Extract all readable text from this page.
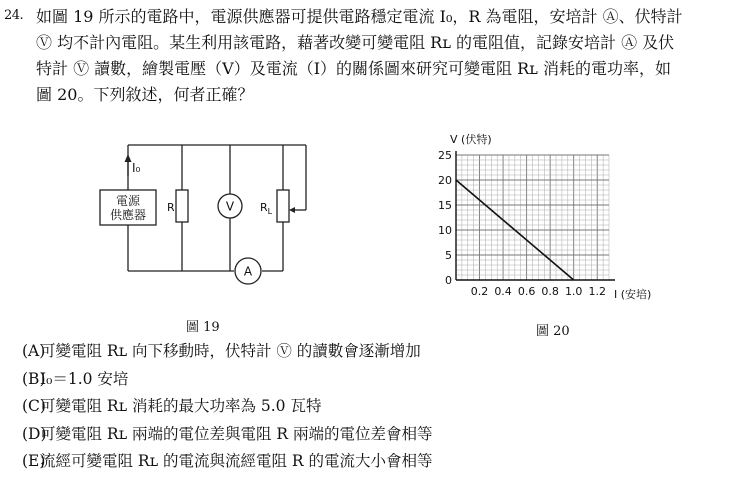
24. 如圖 19 所示的電路中，電源供應器可提供電路穩定電流 I₀，R 為電阻，安培計 Ⓐ、伏特計

Ⓥ 均不計內電阻。某生利用該電路，藉著改變可變電阻 Rʟ 的電阻值，記錄安培計 Ⓐ 及伏

特計 Ⓥ 讀數，繪製電壓（V）及電流（I）的關係圖來研究可變電阻 Rʟ 消耗的電功率，如

圖 20。下列敘述，何者正確？

I₀
電源
供應器
R	V $R_L$
A
圖 19
0
5
10
15
20
25
0.2 0.4 0.6 0.8 1.0 1.2
V (伏特)
I (安培)
圖 20
(A)可變電阻 Rʟ 向下移動時，伏特計 Ⓥ 的讀數會逐漸增加
(B)I₀＝1.0 安培
(C)可變電阻 Rʟ 消耗的最大功率為 5.0 瓦特
(D)可變電阻 Rʟ 兩端的電位差與電阻 R 兩端的電位差會相等
(E)流經可變電阻 Rʟ 的電流與流經電阻 R 的電流大小會相等
